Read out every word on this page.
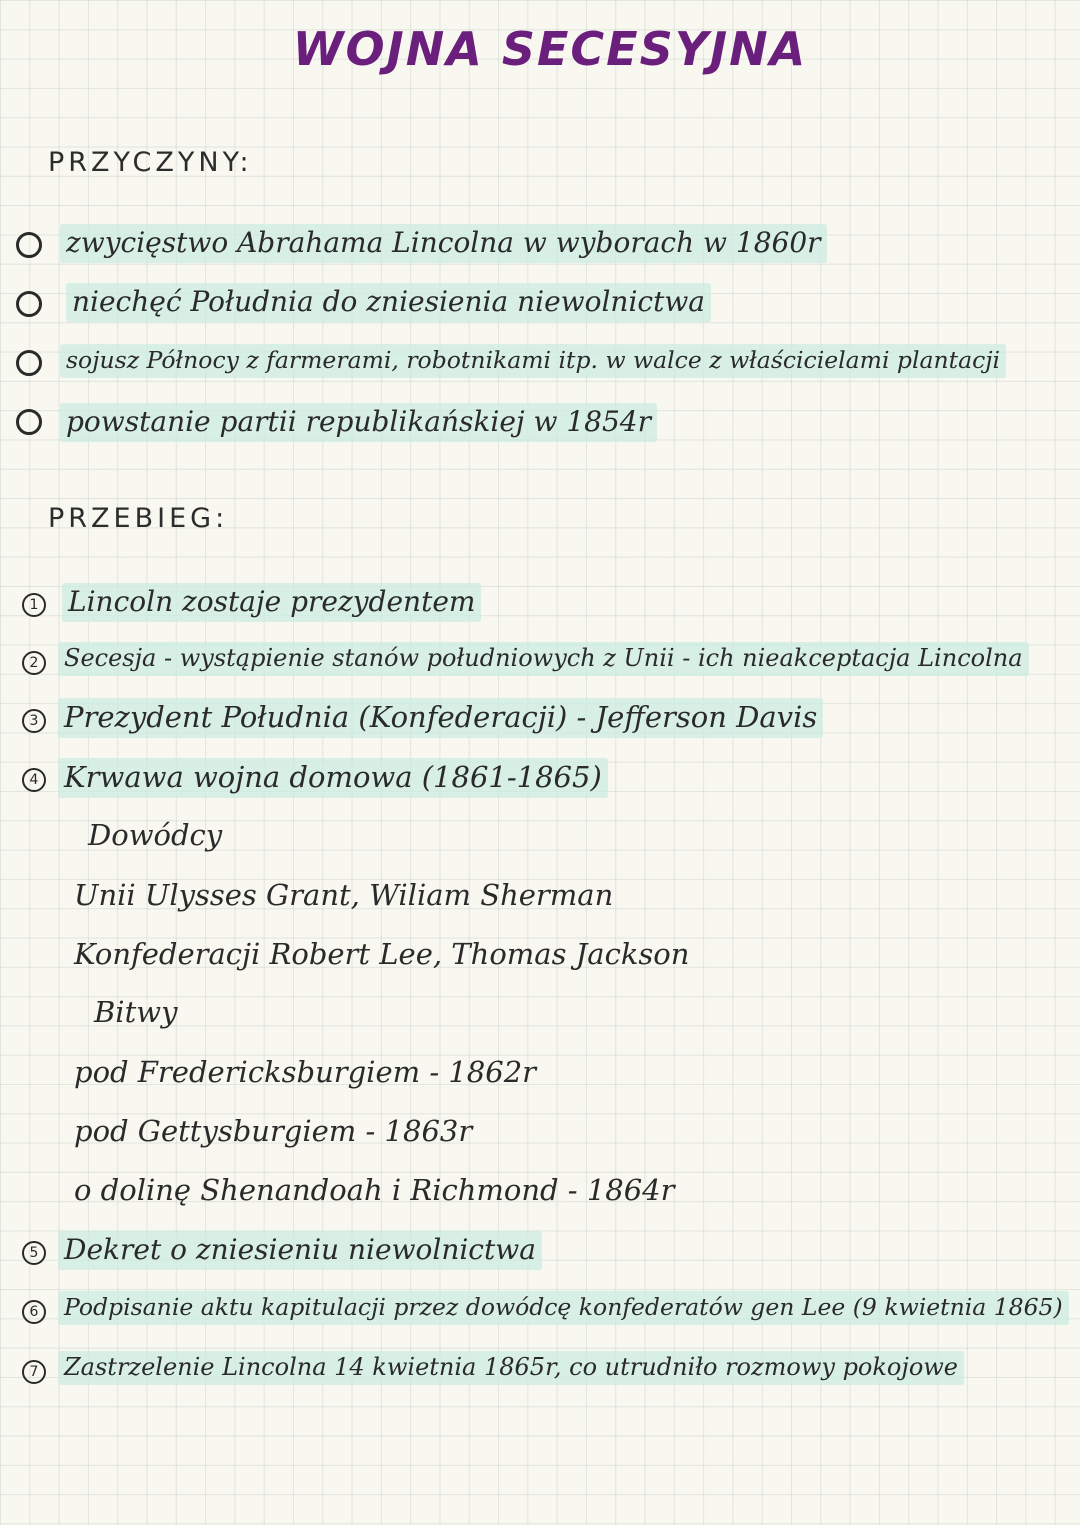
WOJNA SECESYJNA
PRZYCZYNY:
zwycięstwo Abrahama Lincolna w wyborach w 1860r
niechęć Południa do zniesienia niewolnictwa
sojusz Północy z farmerami, robotnikami itp. w walce z właścicielami plantacji
powstanie partii republikańskiej w 1854r
PRZEBIEG:
1 Lincoln zostaje prezydentem
2	Secesja - wystąpienie stanów południowych z Unii - ich nieakceptacja Lincolna
3 Prezydent Południa (Konfederacji) - Jefferson Davis
4 Krwawa wojna domowa (1861-1865)
Dowódcy
Unii Ulysses Grant, Wiliam Sherman
Konfederacji Robert Lee, Thomas Jackson
Bitwy
pod Fredericksburgiem - 1862r
pod Gettysburgiem - 1863r
o dolinę Shenandoah i Richmond - 1864r
5 Dekret o zniesieniu niewolnictwa
6	Podpisanie aktu kapitulacji przez dowódcę konfederatów gen Lee (9 kwietnia 1865)
7	Zastrzelenie Lincolna 14 kwietnia 1865r, co utrudniło rozmowy pokojowe
